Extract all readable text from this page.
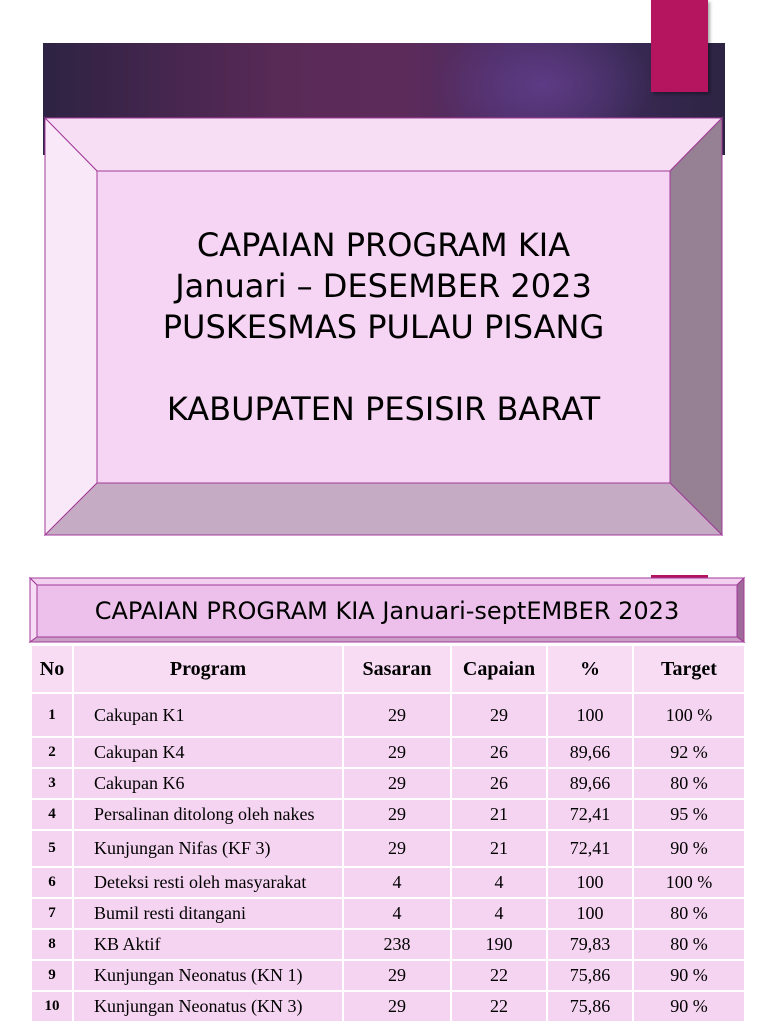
CAPAIAN PROGRAM KIA
Januari – DESEMBER 2023
PUSKESMAS PULAU PISANG
KABUPATEN PESISIR BARAT
CAPAIAN PROGRAM KIA Januari-septEMBER 2023
No	Program	Sasaran	Capaian	%	Target
1	Cakupan K1	29	29	100	100 %
2	Cakupan K4	29	26	89,66	92 %
3	Cakupan K6	29	26	89,66	80 %
4	Persalinan ditolong oleh nakes	29	21	72,41	95 %
5	Kunjungan Nifas (KF 3)	29	21	72,41	90 %
6	Deteksi resti oleh masyarakat	4	4	100	100 %
7	Bumil resti ditangani	4	4	100	80 %
8	KB Aktif	238	190	79,83	80 %
9	Kunjungan Neonatus (KN 1)	29	22	75,86	90 %
10	Kunjungan Neonatus (KN 3)	29	22	75,86	90 %
